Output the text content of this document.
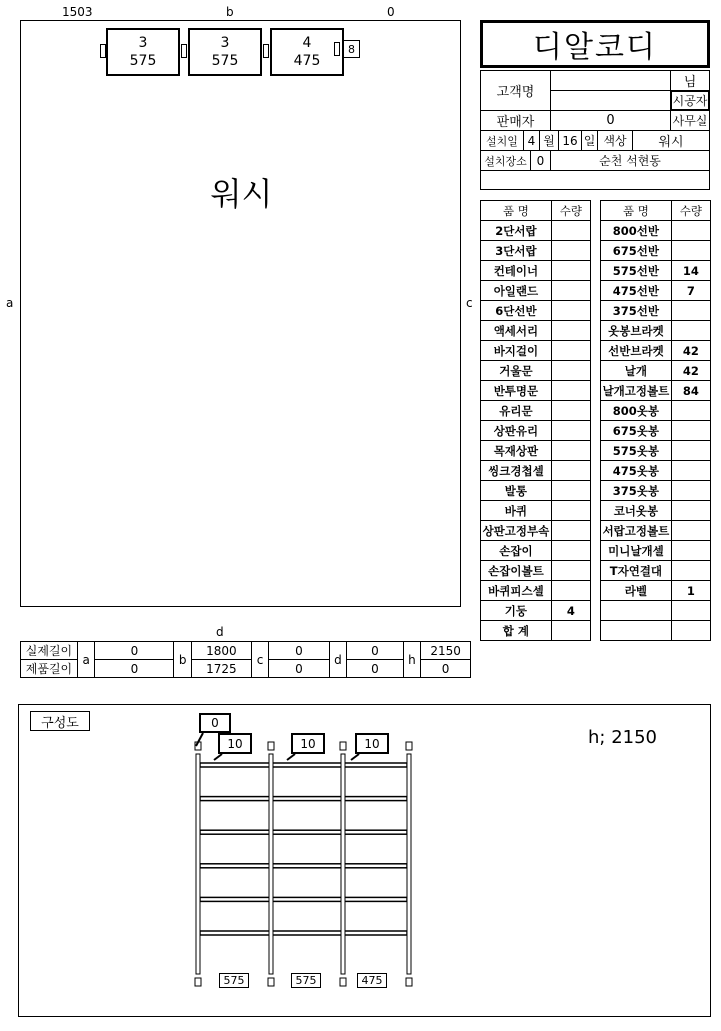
1503	b	0
a	c
워시
3
575
3
575
4
475
8	디알코디
고객명
님
시공자
판매자	0	사무실
설치일 4 월 16 일 색상	워시
설치장소 0	순천 석현동
품 명	수량
2단서랍	
3단서랍	
컨테이너	
아일랜드	
6단선반	
액세서리	
바지걸이	
거울문	
반투명문	
유리문	
상판유리	
목재상판	
씽크경첩셀	
발통	
바퀴	
상판고정부속	
손잡이	
손잡이볼트	
바퀴피스셀	
기둥	4
합 계	
품 명	수량
800선반	
675선반	
575선반	14
475선반	7
375선반	
옷봉브라켓	
선반브라켓	42
날개	42
날개고정볼트	84
800옷봉	
675옷봉	
575옷봉	
475옷봉	
375옷봉	
코너옷봉	
서랍고정볼트	
미니날개셀	
T자연결대	
라벨	1

d
실제길이	a	0	b	1800	c	0	d	0	h	2150
제품길이		0		1725		0		0		0
구성도
h; 2150
0
10	10	10
575	575	475
